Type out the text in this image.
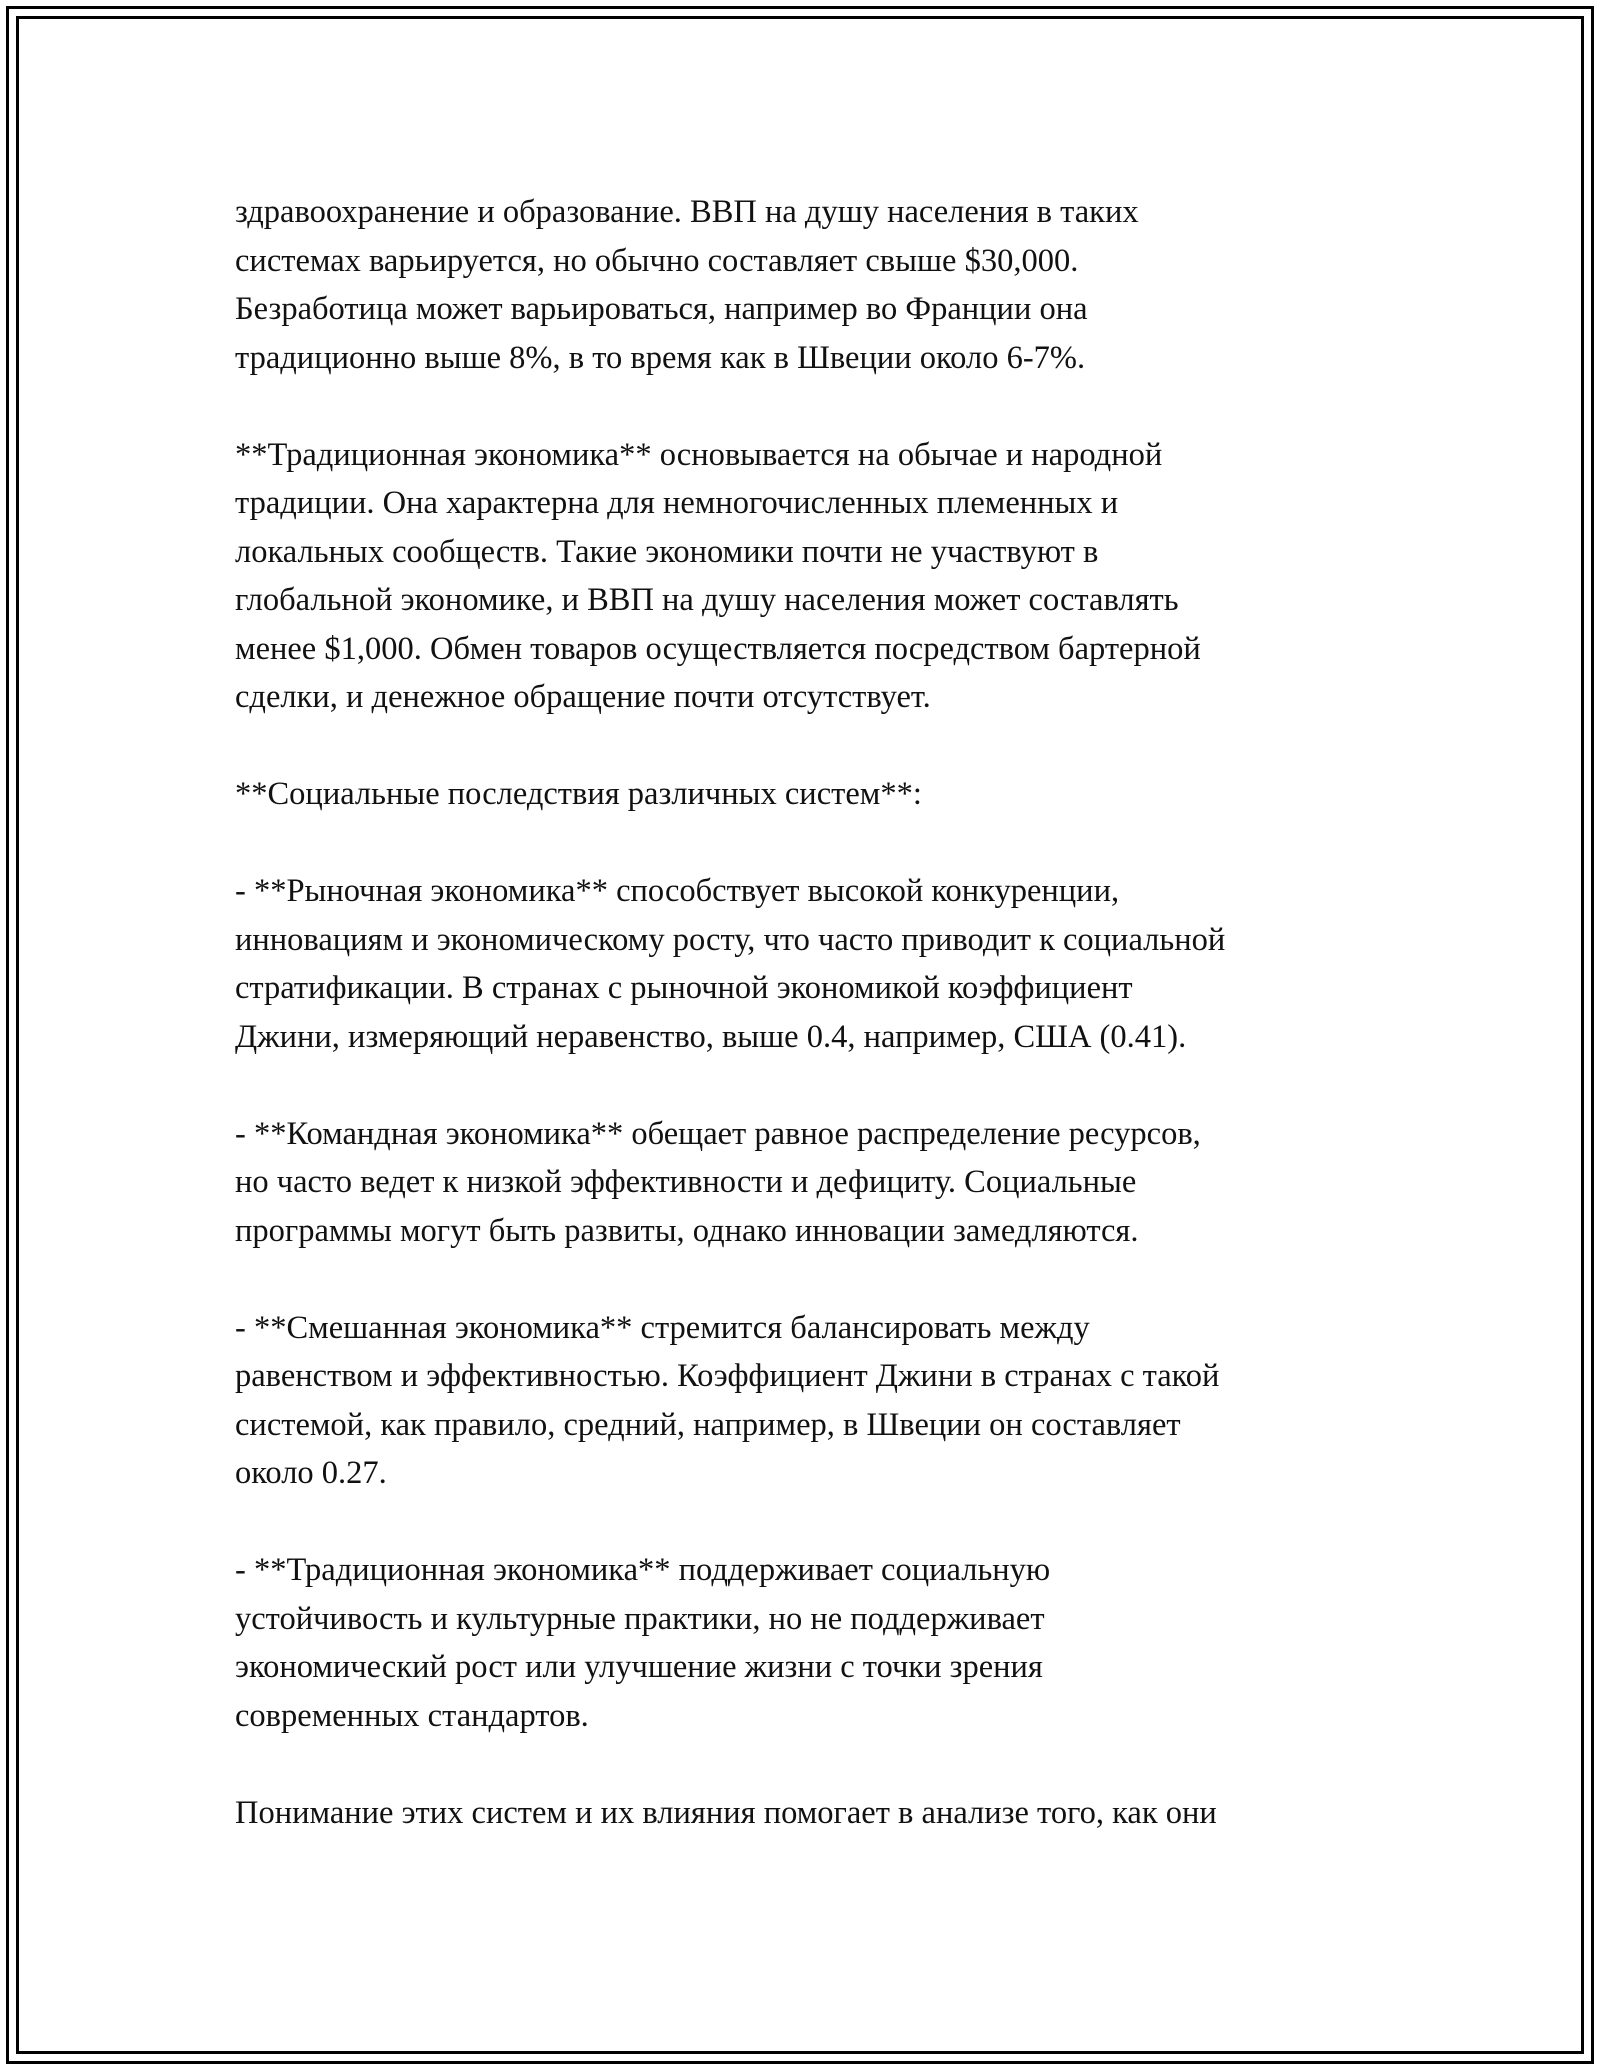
здравоохранение и образование. ВВП на душу населения в таких
системах варьируется, но обычно составляет свыше $30,000.
Безработица может варьироваться, например во Франции она
традиционно выше 8%, в то время как в Швеции около 6-7%.

**Традиционная экономика** основывается на обычае и народной
традиции. Она характерна для немногочисленных племенных и
локальных сообществ. Такие экономики почти не участвуют в
глобальной экономике, и ВВП на душу населения может составлять
менее $1,000. Обмен товаров осуществляется посредством бартерной
сделки, и денежное обращение почти отсутствует.

**Социальные последствия различных систем**:

- **Рыночная экономика** способствует высокой конкуренции,
инновациям и экономическому росту, что часто приводит к социальной
стратификации. В странах с рыночной экономикой коэффициент
Джини, измеряющий неравенство, выше 0.4, например, США (0.41).

- **Командная экономика** обещает равное распределение ресурсов,
но часто ведет к низкой эффективности и дефициту. Социальные
программы могут быть развиты, однако инновации замедляются.

- **Смешанная экономика** стремится балансировать между
равенством и эффективностью. Коэффициент Джини в странах с такой
системой, как правило, средний, например, в Швеции он составляет
около 0.27.

- **Традиционная экономика** поддерживает социальную
устойчивость и культурные практики, но не поддерживает
экономический рост или улучшение жизни с точки зрения
современных стандартов.

Понимание этих систем и их влияния помогает в анализе того, как они
